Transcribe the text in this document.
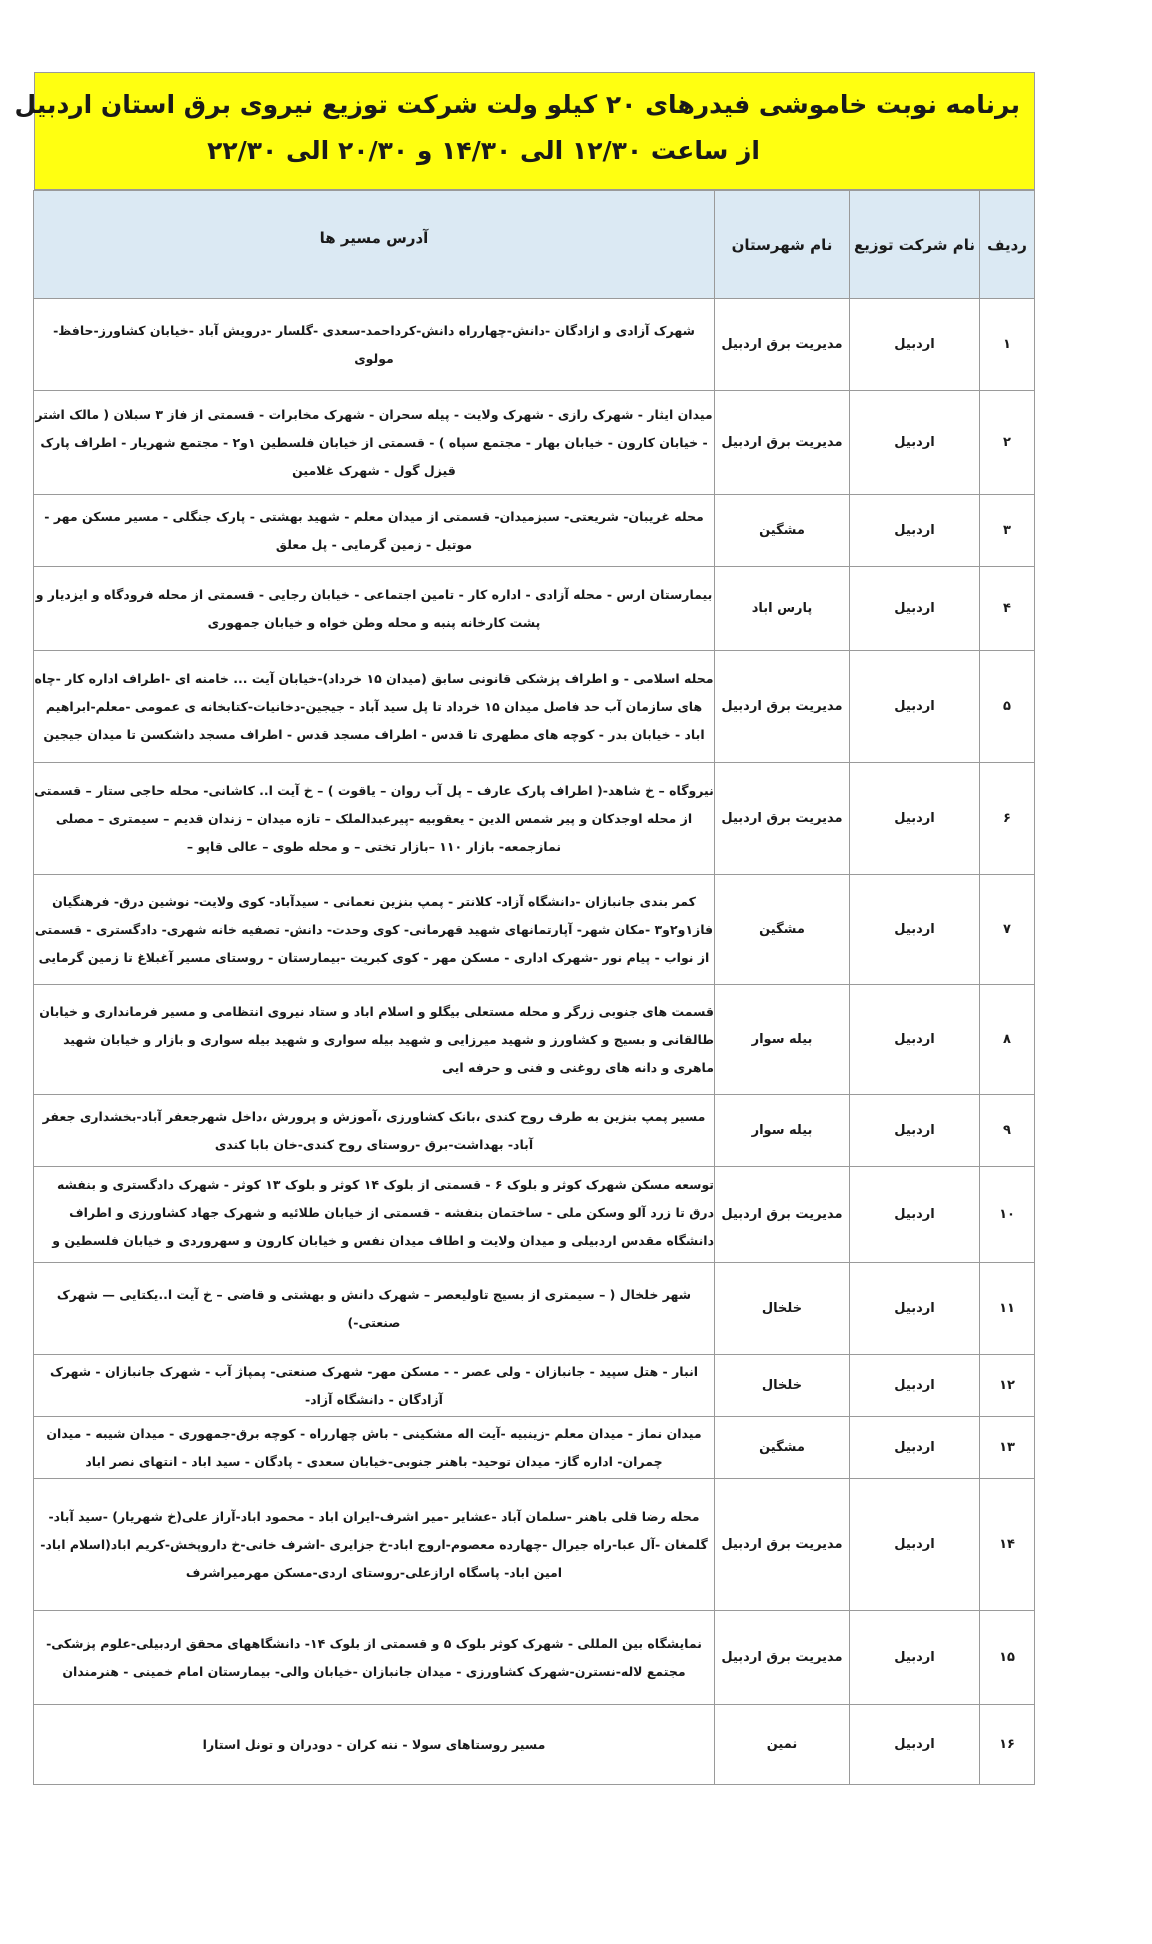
برنامه نوبت خاموشی فیدرهای ۲۰ کیلو ولت شرکت توزیع نیروی برق استان اردبیل
از ساعت ۱۲/۳۰ الی ۱۴/۳۰ و ۲۰/۳۰ الی ۲۲/۳۰
ردیف	نام شرکت توزیع	نام شهرستان	آدرس مسیر ها
۱	اردبیل	مدیریت برق اردبیل	شهرک آزادی و ازادگان -دانش-چهارراه دانش-کرداحمد-سعدی -گلسار -درویش آباد -خیابان کشاورز-حافظ-مولوی
۲	اردبیل	مدیریت برق اردبیل	میدان ایثار - شهرک رازی - شهرک ولایت - پیله سحران - شهرک مخابرات - قسمتی از فاز ۳ سبلان ( مالک اشتر - خیابان کارون - خیابان بهار - مجتمع سپاه ) - قسمتی از خیابان فلسطین ۱و۲ - مجتمع شهریار - اطراف پارک قیزل گول - شهرک غلامین
۳	اردبیل	مشگین	محله غریبان- شریعتی- سبزمیدان- قسمتی از میدان معلم - شهید بهشتی - پارک جنگلی - مسیر مسکن مهر - موتیل - زمین گرمایی - پل معلق
۴	اردبیل	پارس اباد	بیمارستان ارس - محله آزادی - اداره کار - تامین اجتماعی - خیابان رجایی - قسمتی از محله فرودگاه و ایزدیار و پشت کارخانه پنبه و محله وطن خواه و خیابان جمهوری
۵	اردبیل	مدیریت برق اردبیل	محله اسلامی - و اطراف پزشکی قانونی سابق (میدان ۱۵ خرداد)-خیابان آیت ... خامنه ای -اطراف اداره کار -چاه های سازمان آب حد فاصل میدان ۱۵ خرداد تا پل سید آباد - جیجین-دخانیات-کتابخانه ی عمومی -معلم-ابراهیم اباد - خیابان بدر - کوچه های مطهری تا قدس - اطراف مسجد قدس - اطراف مسجد داشکسن تا میدان جیجین
۶	اردبیل	مدیریت برق اردبیل	نیروگاه – خ شاهد-( اطراف پارک عارف – پل آب روان – یاقوت ) – خ آیت ا.. کاشانی- محله حاجی ستار – قسمتی از محله اوجدکان و پیر شمس الدین - یعقوبیه -پیرعبدالملک – تازه میدان – زندان قدیم – سیمتری – مصلی نمازجمعه- بازار ۱۱۰ –بازار تختی – و محله طوی – عالی قاپو –
۷	اردبیل	مشگین	کمر بندی جانبازان -دانشگاه آزاد- کلانتر - پمپ بنزین نعمانی - سیدآباد- کوی ولایت- نوشین درق- فرهنگیان فاز۱و۲و۳ -مکان شهر- آپارتمانهای شهید قهرمانی- کوی وحدت- دانش- تصفیه خانه شهری- دادگستری - قسمتی از نواب - پیام نور -شهرک اداری - مسکن مهر - کوی کبریت -بیمارستان - روستای مسیر آغبلاغ تا زمین گرمایی
۸	اردبیل	بیله سوار	قسمت های جنوبی زرگر و محله مستعلی بیگلو و اسلام اباد و ستاد نیروی انتظامی و مسیر فرمانداری و خیابان طالقانی و بسیج و کشاورز و شهید میرزایی و شهید بیله سواری و شهید بیله سواری و بازار و خیابان شهید ماهری و دانه های روغنی و فنی و حرفه ایی
۹	اردبیل	بیله سوار	مسیر پمپ بنزین به طرف روح کندی ،بانک کشاورزی ،آموزش و پرورش ،داخل شهرجعفر آباد-بخشداری جعفر آباد- بهداشت-برق -روستای روح کندی-خان بابا کندی
۱۰	اردبیل	مدیریت برق اردبیل	توسعه مسکن شهرک کوثر و بلوک ۶ - قسمتی از بلوک ۱۴ کوثر و بلوک ۱۳ کوثر - شهرک دادگستری و بنفشه درق تا زرد آلو وسکن ملی - ساختمان بنفشه - قسمتی از خیابان طلائیه و شهرک جهاد کشاورزی و اطراف دانشگاه مقدس اردبیلی و میدان ولایت و اطاف میدان نفس و خیابان کارون و سهروردی و خیابان فلسطین و

۱۱	اردبیل	خلخال	شهر خلخال ( – سیمتری از بسیج تاولیعصر – شهرک دانش و بهشتی و قاضی – خ آیت ا..یکتایی — شهرک صنعتی-)
۱۲	اردبیل	خلخال	انبار - هتل سپید - جانبازان - ولی عصر - - مسکن مهر- شهرک صنعتی- پمپاژ آب - شهرک جانبازان - شهرک آزادگان - دانشگاه آزاد-
۱۳	اردبیل	مشگین	میدان نماز - میدان معلم -زینبیه -آیت اله مشکینی - باش چهارراه - کوچه برق-جمهوری - میدان شیبه - میدان چمران- اداره گاز- میدان توحید- باهنر جنوبی-خیابان سعدی - پادگان - سید اباد - انتهای نصر اباد
۱۴	اردبیل	مدیریت برق اردبیل	محله رضا قلی باهنر -سلمان آباد -عشایر -میر اشرف-ایران اباد - محمود اباد-آراز علی(خ شهریار) -سید آباد-گلمغان -آل عبا-راه جیرال -چهارده معصوم-اروج اباد-خ جزایری -اشرف خانی-خ داروپخش-کریم اباد(اسلام اباد-امین اباد- پاسگاه ارازعلی-روستای اردی-مسکن مهرمیراشرف
۱۵	اردبیل	مدیریت برق اردبیل	نمایشگاه بین المللی - شهرک کوثر بلوک ۵ و قسمتی از بلوک ۱۴- دانشگاههای محقق اردبیلی-علوم پزشکی-مجتمع لاله-نسترن-شهرک کشاورزی - میدان جانبازان -خیابان والی- بیمارستان امام خمینی - هنرمندان
۱۶	اردبیل	نمین	مسیر روستاهای سولا - ننه کران - دودران و تونل استارا
